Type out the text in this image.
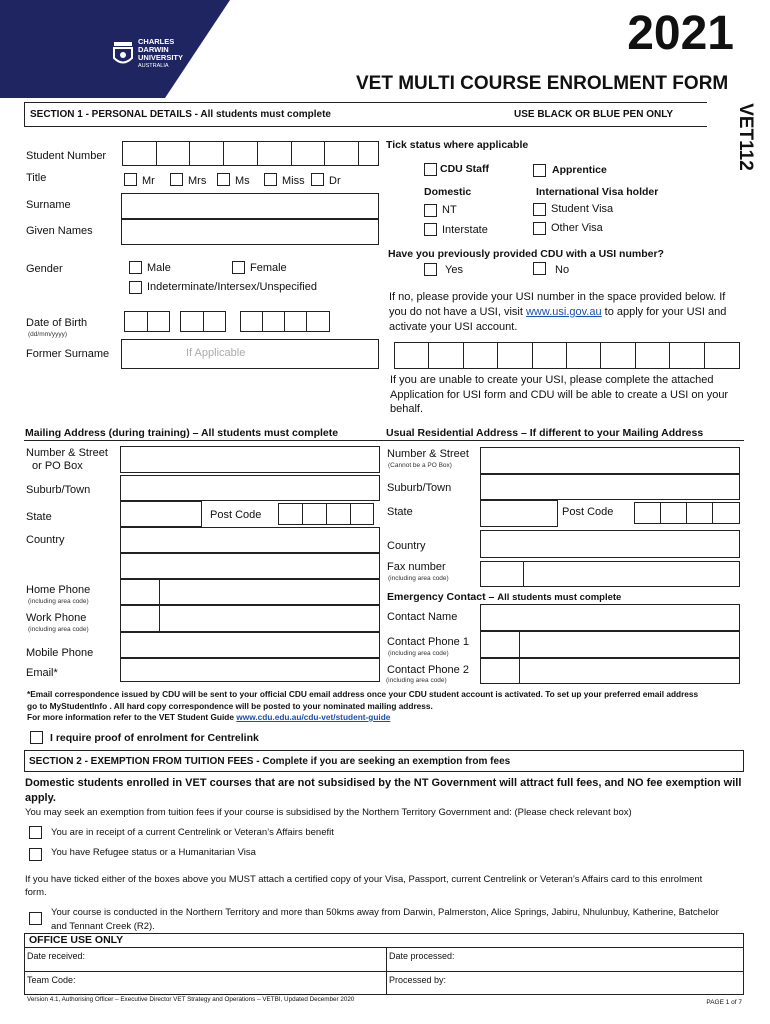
CHARLES
DARWIN
UNIVERSITY
AUSTRALIA
2021
VET MULTI COURSE ENROLMENT FORM
VET112
SECTION 1 - PERSONAL DETAILS - All students must complete	USE BLACK OR BLUE PEN ONLY
Student Number
Title	Mr	Mrs	Ms	Miss Dr
Surname
Given Names
Gender	Male	Female
Indeterminate/Intersex/Unspecified
Date of Birth
(dd/mm/yyyy)
Former Surname	If Applicable
Tick status where applicable
CDU Staff	Apprentice
Domestic	International Visa holder
NT	Student Visa
Interstate	Other Visa
Have you previously provided CDU with a USI number?
Yes	No
If no, please provide your USI number in the space provided below. If you do not have a USI, visit www.usi.gov.au to apply for your USI and activate your USI account.
If you are unable to create your USI, please complete the attached Application for USI form and CDU will be able to create a USI on your behalf.
Mailing Address (during training) – All students must complete
Number & Street
or PO Box
Suburb/Town
State	Post Code
Country
Home Phone
(including area code)
Work Phone
(including area code)
Mobile Phone
Email*
Usual Residential Address – If different to your Mailing Address
Number & Street
(Cannot be a PO Box)
Suburb/Town
State	Post Code
Country
Fax number
(including area code)
Emergency Contact – All students must complete
Contact Name
Contact Phone 1
(including area code)
Contact Phone 2
(including area code)
*Email correspondence issued by CDU will be sent to your official CDU email address once your CDU student account is activated. To set up your preferred email address
go to MyStudentInfo . All hard copy correspondence will be posted to your nominated mailing address.
For more information refer to the VET Student Guide www.cdu.edu.au/cdu-vet/student-guide
I require proof of enrolment for Centrelink
SECTION 2 - EXEMPTION FROM TUITION FEES - Complete if you are seeking an exemption from fees
Domestic students enrolled in VET courses that are not subsidised by the NT Government will attract full fees, and NO fee exemption will apply.
You may seek an exemption from tuition fees if your course is subsidised by the Northern Territory Government and: (Please check relevant box)
You are in receipt of a current Centrelink or Veteran’s Affairs benefit
You have Refugee status or a Humanitarian Visa
If you have ticked either of the boxes above you MUST attach a certified copy of your Visa, Passport, current Centrelink or Veteran’s Affairs card to this enrolment form.
Your course is conducted in the Northern Territory and more than 50kms away from Darwin, Palmerston, Alice Springs, Jabiru, Nhulunbuy, Katherine, Batchelor and Tennant Creek (R2).
OFFICE USE ONLY
Date received:	Date processed:
Team Code:	Processed by:
Version 4.1, Authorising Officer – Executive Director VET Strategy and Operations – VETBI, Updated December 2020	PAGE 1 of 7
